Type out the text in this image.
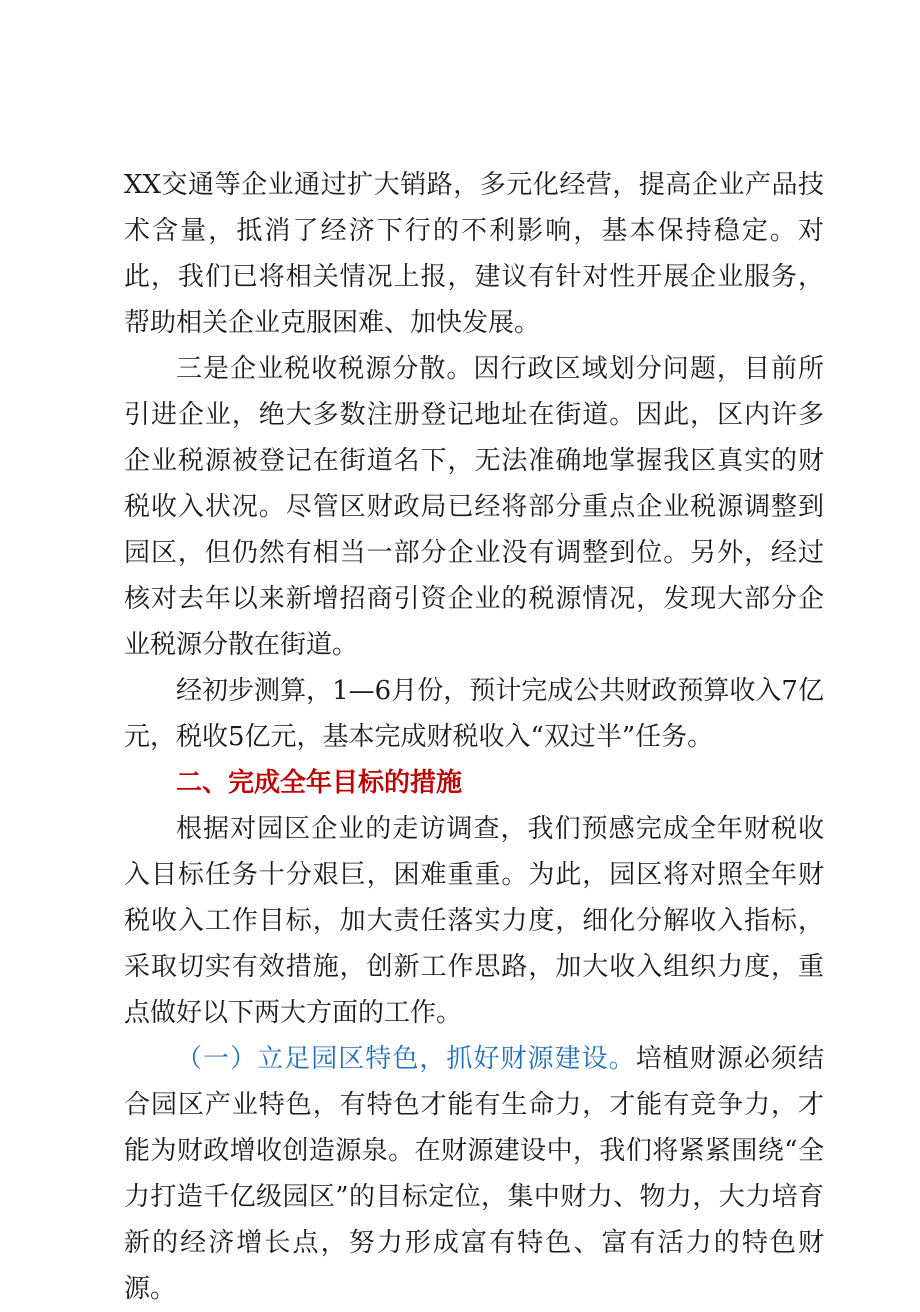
XX交通等企业通过扩大销路，多元化经营，提高企业产品技术含量，抵消了经济下行的不利影响，基本保持稳定。对此，我们已将相关情况上报，建议有针对性开展企业服务，帮助相关企业克服困难、加快发展。

三是企业税收税源分散。因行政区域划分问题，目前所引进企业，绝大多数注册登记地址在街道。因此，区内许多企业税源被登记在街道名下，无法准确地掌握我区真实的财税收入状况。尽管区财政局已经将部分重点企业税源调整到园区，但仍然有相当一部分企业没有调整到位。另外，经过核对去年以来新增招商引资企业的税源情况，发现大部分企业税源分散在街道。

经初步测算，1—6月份，预计完成公共财政预算收入7亿元，税收5亿元，基本完成财税收入“双过半”任务。

二、完成全年目标的措施

根据对园区企业的走访调查，我们预感完成全年财税收入目标任务十分艰巨，困难重重。为此，园区将对照全年财税收入工作目标，加大责任落实力度，细化分解收入指标，采取切实有效措施，创新工作思路，加大收入组织力度，重点做好以下两大方面的工作。

（一）立足园区特色，抓好财源建设。培植财源必须结合园区产业特色，有特色才能有生命力，才能有竞争力，才能为财政增收创造源泉。在财源建设中，我们将紧紧围绕“全力打造千亿级园区”的目标定位，集中财力、物力，大力培育新的经济增长点，努力形成富有特色、富有活力的特色财源。
